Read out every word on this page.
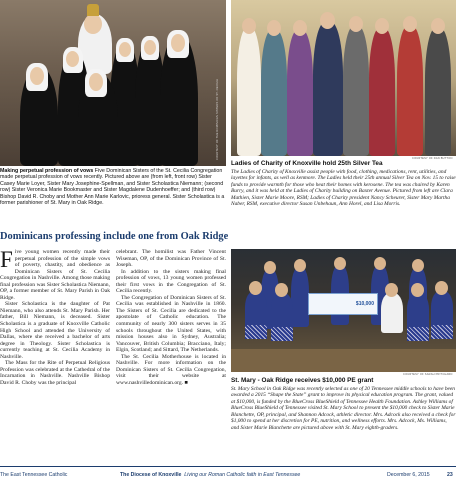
COURTESY OF THE DOMINICAN SISTERS OF ST. CECILIA
Making perpetual profession of vows Five Dominican Sisters of the St. Cecilia Congregation made perpetual profession of vows recently. Pictured above are (from left, front row) Sister Casey Marie Loyer, Sister Mary Josephine-Spellman, and Sister Scholastica Niemann; (second row) Sister Veronica Marie Bookmaster and Sister Magdalene Dudenhoeffer; and (third row) Bishop David R. Choby and Mother Ann Marie Karlovic, prioress general. Sister Scholastica is a former parishioner of St. Mary in Oak Ridge.
COURTESY OF DAN BUTTON
Ladies of Charity of Knoxville hold 25th Silver Tea
The Ladies of Charity of Knoxville assist people with food, clothing, medications, rent, utilities, and layettes for infants, as well as kenmore. The Ladies held their 25th annual Silver Tea on Nov. 15 to raise funds to provide warmth for those who heat their homes with kerosene. The tea was chaired by Karen Burry, and it was held at the Ladies of Charity building on Baxter Avenue. Pictured from left are Clara Mathien, Sister Marie Moore, RSM; Ladies of Charity president Nancy Scheurer, Sister Mary Martha Naber, RSM, executive director Susan Unbehaun, Ann Horel, and Lisa Morris.
Dominicans professing include one from Oak Ridge

Five young women recently made their perpetual profession of the simple vows of poverty, chastity, and obedience as Dominican Sisters of St. Cecilia Congregation in Nashville. Among those making final profession was Sister Scholastica Niemann, OP, a former member of St. Mary Parish in Oak Ridge.

Sister Scholastica is the daughter of Pat Niemann, who also attends St. Mary Parish. Her father, Bill Niemann, is deceased. Sister Scholastica is a graduate of Knoxville Catholic High School and attended the University of Dallas, where she received a bachelor of arts degree in Theology. Sister Scholastica is currently teaching at St. Cecilia Academy in Nashville.

The Mass for the Rite of Perpetual Religious Profession was celebrated at the Cathedral of the Incarnation in Nashville. Nashville Bishop David R. Choby was the principal

celebrant. The homilist was Father Vincent Wiseman, OP, of the Dominican Province of St. Joseph.

In addition to the sisters making final profession of vows, 13 young women professed their first vows in the Congregation of St. Cecilia recently.

The Congregation of Dominican Sisters of St. Cecilia was established in Nashville in 1860. The Sisters of St. Cecilia are dedicated to the apostolate of Catholic education. The community of nearly 300 sisters serves in 35 schools throughout the United States, with mission houses also in Sydney, Australia; Vancouver, British Columbia; Bracciano, Italy; Elgin, Scotland; and Sittard, The Netherlands.

The St. Cecilia Motherhouse is located in Nashville. For more information on the Dominican Sisters of St. Cecilia Congregation, visit their website at www.nashvilledominican.org. ■

$10,000
COURTESY OF SARAH PRITCHARD
St. Mary - Oak Ridge receives $10,000 PE grant
St. Mary School in Oak Ridge was recently selected as one of 20 Tennessee middle schools to have been awarded a 2015 “Shape the State” grant to improve its physical education program. The grant, valued at $10,000, is funded by the BlueCross BlueShield of Tennessee Health Foundation. Ashley Williams of BlueCross BlueShield of Tennessee visited St. Mary School to present the $10,000 check to Sister Marie Blanchette, OP, principal, and Shannon Adcock, athletic director. Mrs. Adcock also received a check for $1,000 to spend at her discretion for PE, nutrition, and wellness efforts. Mrs. Adcock, Ms. Williams, and Sister Marie Blanchette are pictured above with St. Mary eighth-graders.
The East Tennessee Catholic	The Diocese of Knoxville Living our Roman Catholic faith in East Tennessee	December 6, 2015	23
